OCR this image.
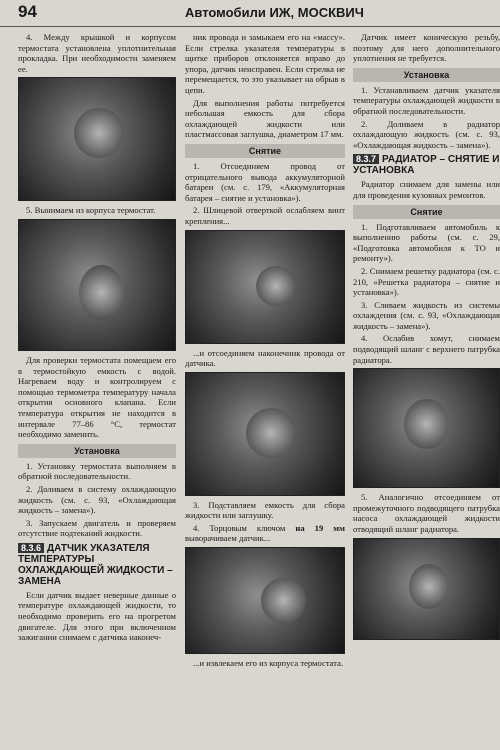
94	Автомобили ИЖ, МОСКВИЧ

4. Между крышкой и корпусом термостата установлена уплотнительная прокладка. При необходимости заменяем ее.

5. Вынимаем из корпуса термостат.

Для проверки термостата помещаем его в термостойкую емкость с водой. Нагреваем воду и контролируем с помощью термометра температуру начала открытия основного клапана. Если температура открытия не находится в интервале 77–86 °С, термостат необходимо заменить.

Установка

1. Установку термостата выполняем в обратной последовательности.

2. Доливаем в систему охлаждающую жидкость (см. с. 93, «Охлаждающая жидкость – замена»).

3. Запускаем двигатель и проверяем отсутствие подтеканий жидкости.

8.3.6 ДАТЧИК УКАЗАТЕЛЯ ТЕМПЕРАТУРЫ ОХЛАЖДАЮЩЕЙ ЖИДКОСТИ – ЗАМЕНА

Если датчик выдает неверные данные о температуре охлаждающей жидкости, то необходимо проверить его на прогретом двигателе. Для этого при включенном зажигании снимаем с датчика наконеч-

ник провода и замыкаем его на «массу». Если стрелка указателя температуры в щитке приборов отклоняется вправо до упора, датчик неисправен. Если стрелка не перемещается, то это указывает на обрыв в цепи.

Для выполнения работы потребуется небольшая емкость для сбора охлаждающей жидкости или пластмассовая заглушка, диаметром 17 мм.

Снятие

1. Отсоединяем провод от отрицательного вывода аккумуляторной батареи (см. с. 179, «Аккумуляторная батарея – снятие и установка»).

2. Шлицевой отверткой ослабляем винт крепления...

...и отсоединяем наконечник провода от датчика.

3. Подставляем емкость для сбора жидкости или заглушку.

4. Торцовым ключом на 19 мм выворачиваем датчик...

...и извлекаем его из корпуса термостата.

Датчик имеет коническую резьбу, поэтому для него дополнительного уплотнения не требуется.

Установка

1. Устанавливаем датчик указателя температуры охлаждающей жидкости в обратной последовательности.

2. Доливаем в радиатор охлаждающую жидкость (см. с. 93, «Охлаждающая жидкость – замена»).

8.3.7 РАДИАТОР – СНЯТИЕ И УСТАНОВКА

Радиатор снимаем для замены или для проведения кузовных ремонтов.

Снятие

1. Подготавливаем автомобиль к выполнению работы (см. с. 29, «Подготовка автомобиля к ТО и ремонту»).

2. Снимаем решетку радиатора (см. с. 210, «Решетка радиатора – снятие и установка»).

3. Сливаем жидкость из системы охлаждения (см. с. 93, «Охлаждающая жидкость – замена»).

4. Ослабив хомут, снимаем подводящий шланг с верхнего патрубка радиатора.

5. Аналогично отсоединяем от промежуточного подводящего патрубка насоса охлаждающей жидкости отводящий шланг радиатора.
